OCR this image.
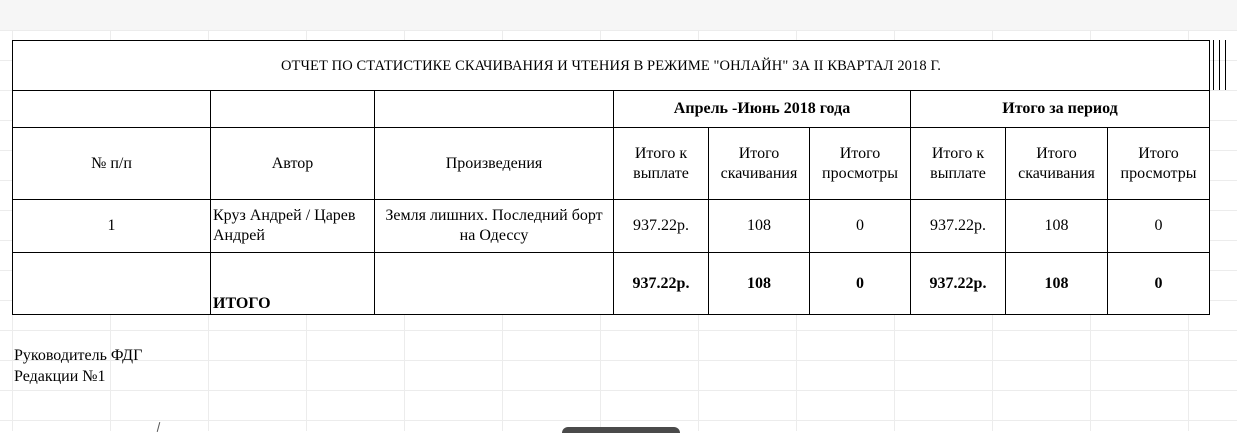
ОТЧЕТ ПО СТАТИСТИКЕ СКАЧИВАНИЯ И ЧТЕНИЯ В РЕЖИМЕ "ОНЛАЙН" ЗА II КВАРТАЛ 2018 Г.								
			Апрель -Июнь 2018 года			Итого за период		
№ п/п	Автор	Произведения	Итого к выплате	Итого скачивания	Итого просмотры	Итого к выплате	Итого скачивания	Итого просмотры
1	Круз Андрей / Царев Андрей	Земля лишних. Последний борт на Одессу	937.22р.	108	0	937.22р.	108	0
	ИТОГО		937.22р.	108	0	937.22р.	108	0
Руководитель ФДГ
Редакции №1
